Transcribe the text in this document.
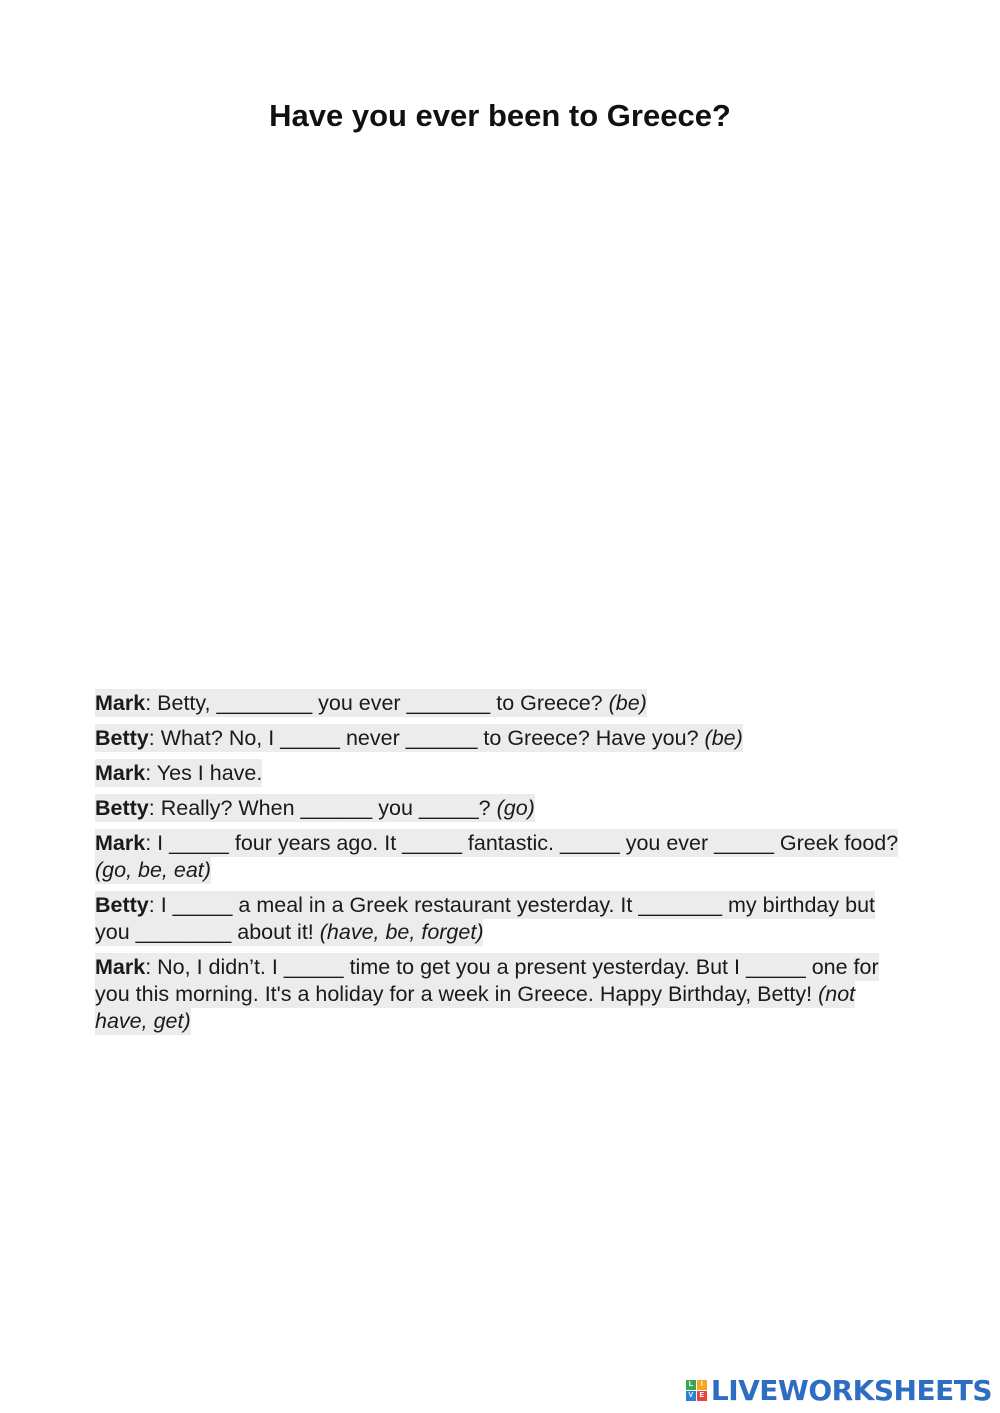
Have you ever been to Greece?

Mark: Betty, ________ you ever _______ to Greece? (be)

Betty: What? No, I _____ never ______ to Greece? Have you? (be)

Mark: Yes I have.

Betty: Really? When ______ you _____? (go)

Mark: I _____ four years ago. It _____ fantastic. _____ you ever _____ Greek food? (go, be, eat)

Betty: I _____ a meal in a Greek restaurant yesterday. It _______ my birthday but you ________ about it! (have, be, forget)

Mark: No, I didn’t. I _____ time to get you a present yesterday. But I _____ one for you this morning. It's a holiday for a week in Greece. Happy Birthday, Betty! (not have, get)

L	I
V E LIVEWORKSHEETS
